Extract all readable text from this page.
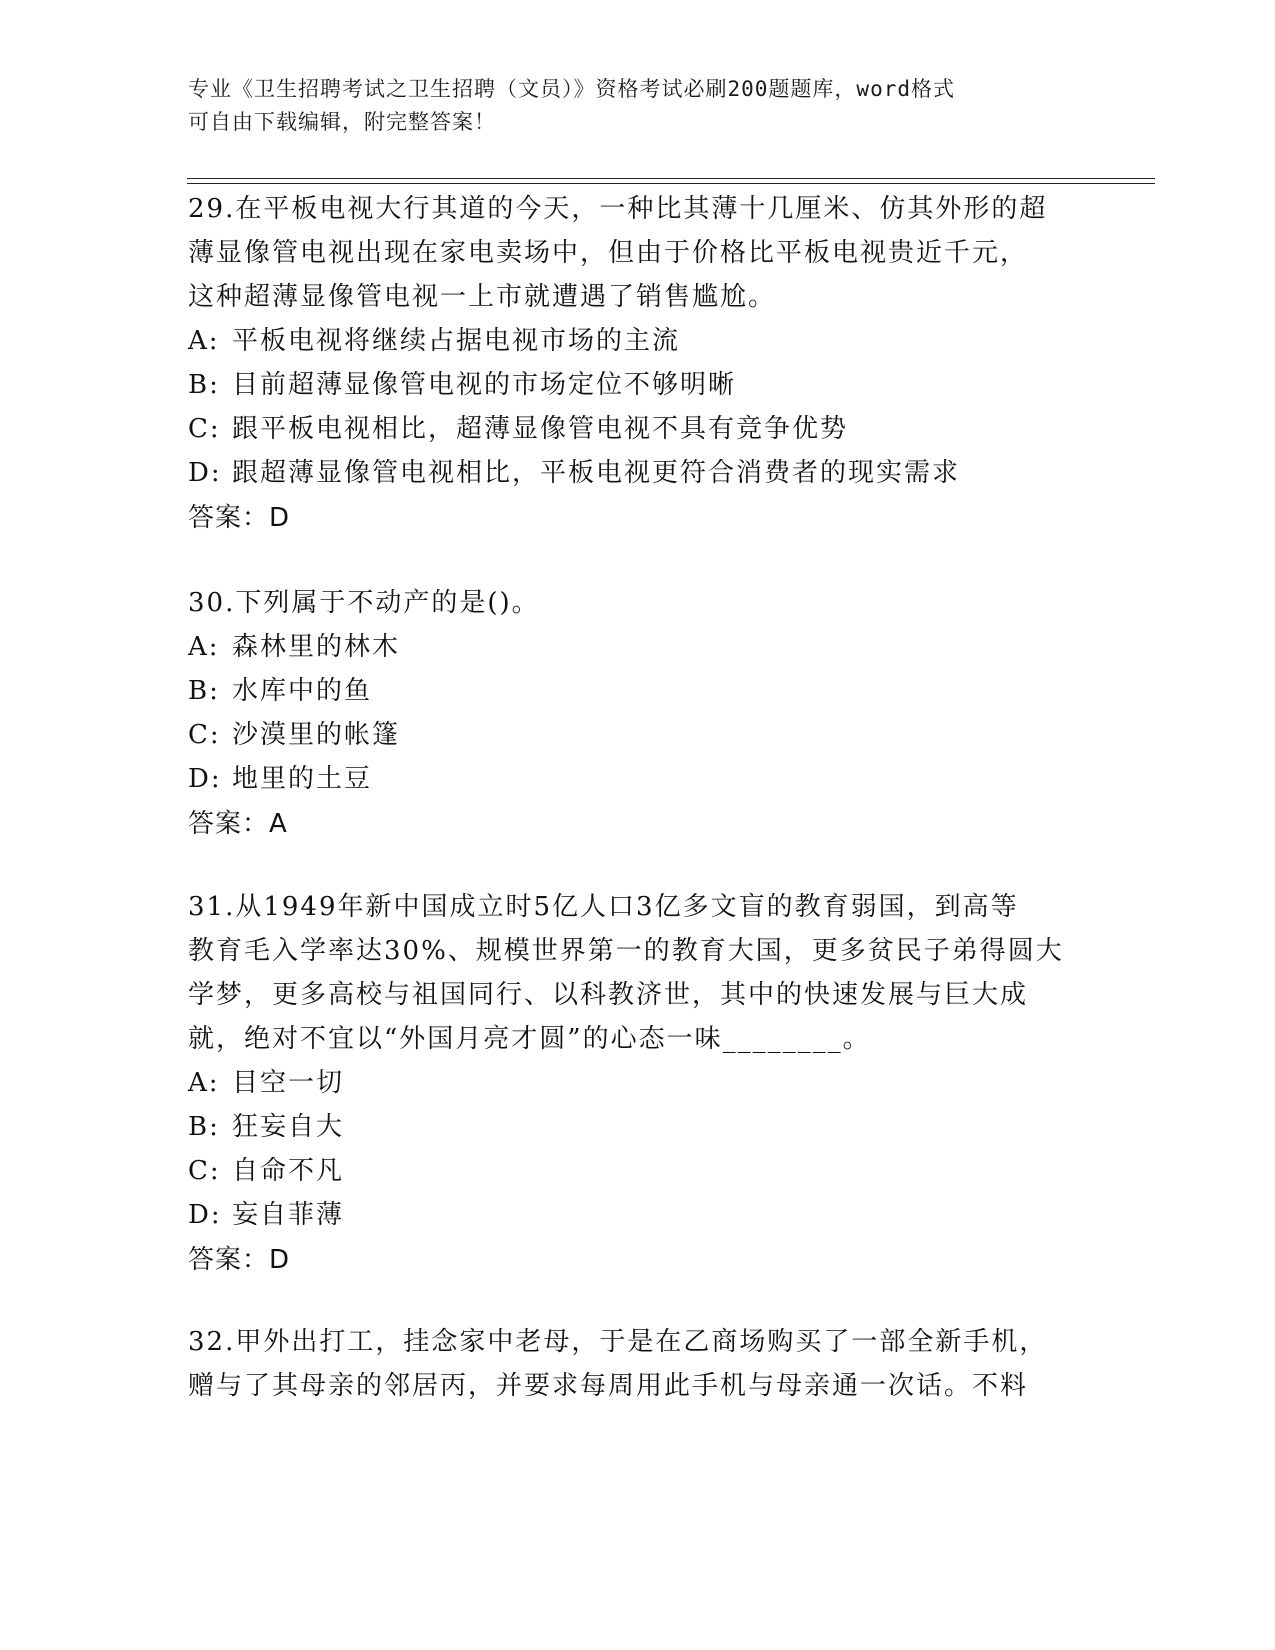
专业《卫生招聘考试之卫生招聘（文员）》资格考试必刷200题题库，word格式
可自由下载编辑，附完整答案！
29.在平板电视大行其道的今天，一种比其薄十几厘米、仿其外形的超
薄显像管电视出现在家电卖场中，但由于价格比平板电视贵近千元，
这种超薄显像管电视一上市就遭遇了销售尴尬。
A: 平板电视将继续占据电视市场的主流
B: 目前超薄显像管电视的市场定位不够明晰
C: 跟平板电视相比，超薄显像管电视不具有竞争优势
D: 跟超薄显像管电视相比，平板电视更符合消费者的现实需求
答案：D
30.下列属于不动产的是()。
A: 森林里的林木
B: 水库中的鱼
C: 沙漠里的帐篷
D: 地里的土豆
答案：A
31.从1949年新中国成立时5亿人口3亿多文盲的教育弱国，到高等
教育毛入学率达30%、规模世界第一的教育大国，更多贫民子弟得圆大
学梦，更多高校与祖国同行、以科教济世，其中的快速发展与巨大成
就，绝对不宜以“外国月亮才圆”的心态一味________。
A: 目空一切
B: 狂妄自大
C: 自命不凡
D: 妄自菲薄
答案：D
32.甲外出打工，挂念家中老母，于是在乙商场购买了一部全新手机，
赠与了其母亲的邻居丙，并要求每周用此手机与母亲通一次话。不料
